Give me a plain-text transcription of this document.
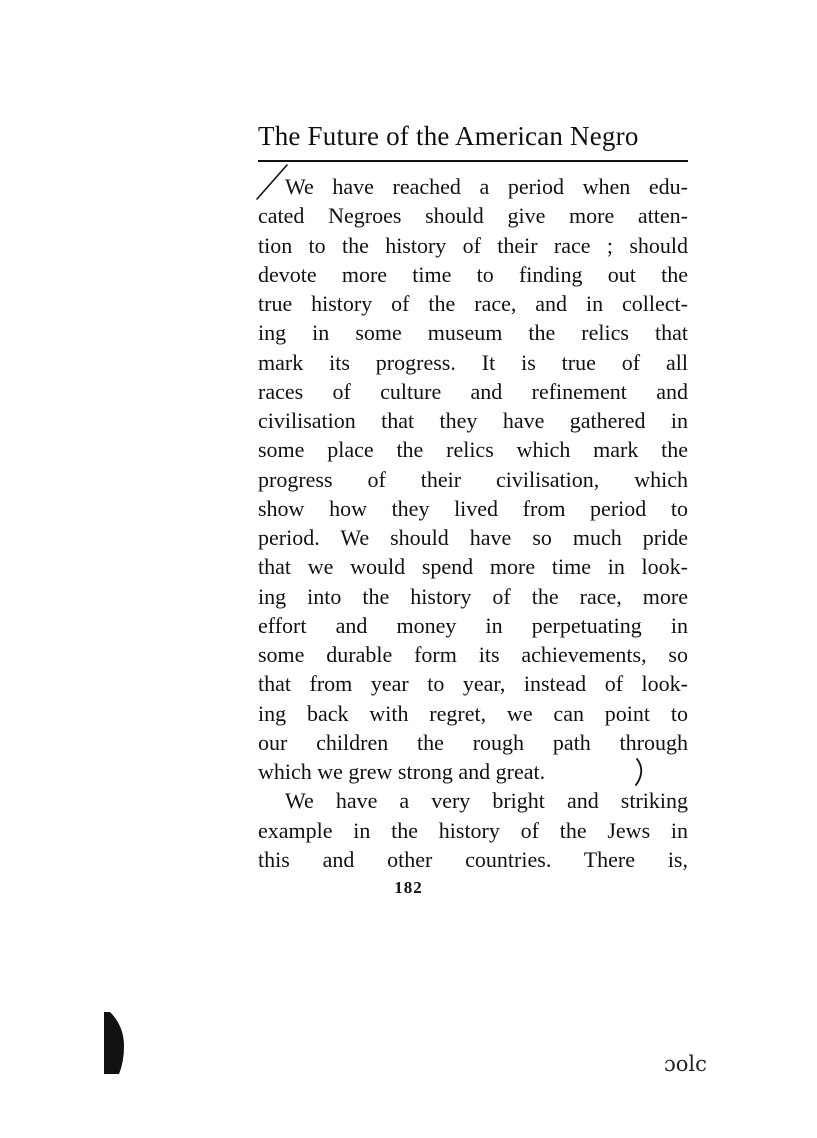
The Future of the American Negro
We have reached a period when edu-
cated Negroes should give more atten-
tion to the history of their race ; should
devote more time to finding out the
true history of the race, and in collect-
ing in some museum the relics that
mark its progress. It is true of all
races of culture and refinement and
civilisation that they have gathered in
some place the relics which mark the
progress of their civilisation, which
show how they lived from period to
period. We should have so much pride
that we would spend more time in look-
ing into the history of the race, more
effort and money in perpetuating in
some durable form its achievements, so
that from year to year, instead of look-
ing back with regret, we can point to
our children the rough path through
which we grew strong and great.
We have a very bright and striking
example in the history of the Jews in
this and other countries. There is,
182
ɔolc
